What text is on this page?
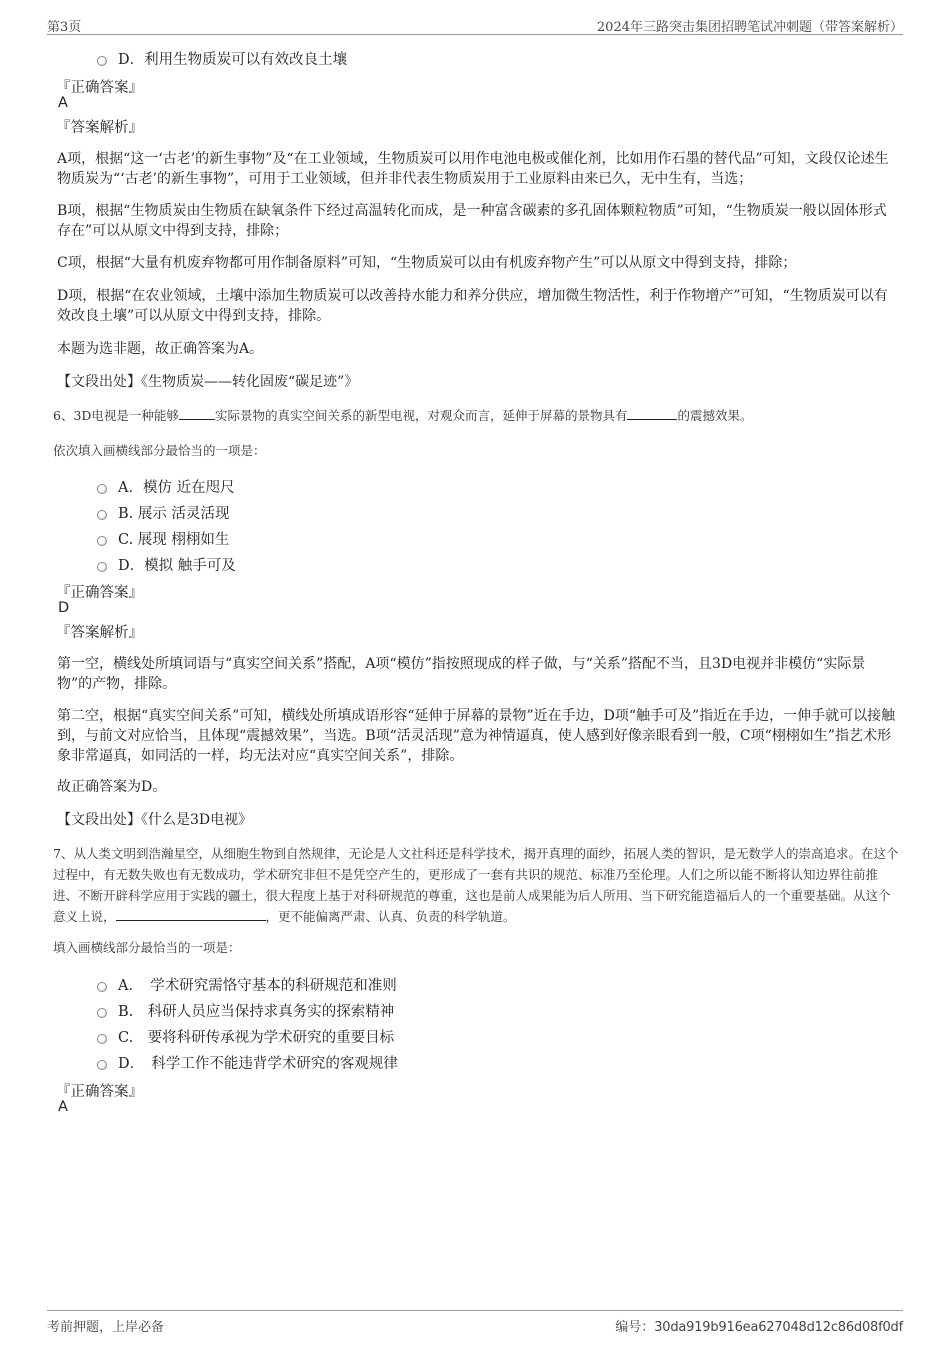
第3页	2024年三路突击集团招聘笔试冲刺题（带答案解析）
D．利用生物质炭可以有效改良土壤
『正确答案』
A
『答案解析』
A项，根据“这一‘古老’的新生事物”及“在工业领域，生物质炭可以用作电池电极或催化剂，比如用作石墨的替代品”可知，文段仅论述生物质炭为“‘古老’的新生事物”，可用于工业领域，但并非代表生物质炭用于工业原料由来已久，无中生有，当选；
B项，根据“生物质炭由生物质在缺氧条件下经过高温转化而成，是一种富含碳素的多孔固体颗粒物质”可知，“生物质炭一般以固体形式存在”可以从原文中得到支持，排除；
C项，根据“大量有机废弃物都可用作制备原料”可知，“生物质炭可以由有机废弃物产生”可以从原文中得到支持，排除；
D项，根据“在农业领域，土壤中添加生物质炭可以改善持水能力和养分供应，增加微生物活性，利于作物增产”可知，“生物质炭可以有效改良土壤”可以从原文中得到支持，排除。
本题为选非题，故正确答案为A。
【文段出处】《生物质炭——转化固废“碳足迹”》
6、3D电视是一种能够	实际景物的真实空间关系的新型电视，对观众而言，延伸于屏幕的景物具有	的震撼效果。
依次填入画横线部分最恰当的一项是：
A．模仿 近在咫尺
B. 展示 活灵活现
C. 展现 栩栩如生
D．模拟 触手可及
『正确答案』
D
『答案解析』
第一空，横线处所填词语与“真实空间关系”搭配，A项“模仿”指按照现成的样子做，与“关系”搭配不当，且3D电视并非模仿“实际景物”的产物，排除。
第二空，根据“真实空间关系”可知，横线处所填成语形容“延伸于屏幕的景物”近在手边，D项“触手可及”指近在手边，一伸手就可以接触到，与前文对应恰当，且体现“震撼效果”，当选。B项“活灵活现”意为神情逼真，使人感到好像亲眼看到一般，C项“栩栩如生”指艺术形象非常逼真，如同活的一样，均无法对应“真实空间关系”，排除。
故正确答案为D。
【文段出处】《什么是3D电视》
7、从人类文明到浩瀚星空，从细胞生物到自然规律，无论是人文社科还是科学技术，揭开真理的面纱，拓展人类的智识，是无数学人的崇高追求。在这个过程中，有无数失败也有无数成功，学术研究非但不是凭空产生的，更形成了一套有共识的规范、标准乃至伦理。人们之所以能不断将认知边界往前推进、不断开辟科学应用于实践的疆土，很大程度上基于对科研规范的尊重，这也是前人成果能为后人所用、当下研究能造福后人的一个重要基础。从这个意义上说，	，更不能偏离严肃、认真、负责的科学轨道。
填入画横线部分最恰当的一项是：
A．　学术研究需恪守基本的科研规范和准则
B.　科研人员应当保持求真务实的探索精神
C.　要将科研传承视为学术研究的重要目标
D．　科学工作不能违背学术研究的客观规律
『正确答案』
A
考前押题，上岸必备	编号：30da919b916ea627048d12c86d08f0df
